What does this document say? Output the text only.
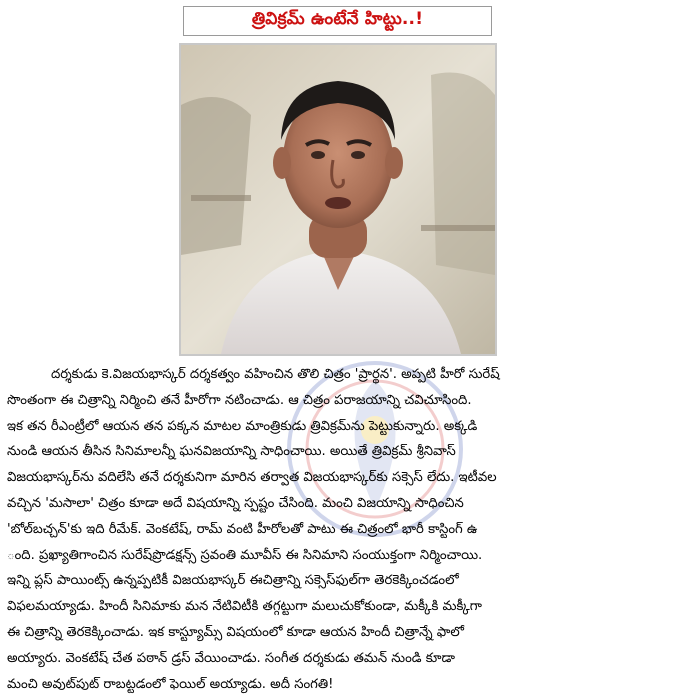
త్రివిక్రమ్ ఉంటేనే హిట్టు..!

దర్శకుడు కె.విజయభాస్కర్ దర్శకత్వం వహించిన తొలి చిత్రం 'ప్రార్థన'. అప్పటి హీరో సురేష్
సొంతంగా ఈ చిత్రాన్ని నిర్మించి తనే హీరోగా నటించాడు. ఆ చిత్రం పరాజయాన్ని చవిచూసింది.
ఇక తన రీఎంట్రీలో ఆయన తన పక్కన మాటల మాంత్రికుడు త్రివిక్రమ్‌ను పెట్టుకున్నారు. అక్కడి
నుండి ఆయన తీసిన సినిమాలన్నీ ఘనవిజయాన్ని సాధించాయి. అయితే త్రివిక్రమ్ శ్రీనివాస్
విజయభాస్కర్‌ను వదిలేసి తనే దర్శకునిగా మారిన తర్వాత విజయభాస్కర్‌కు సక్సెస్ లేదు. ఇటీవల
వచ్చిన 'మసాలా' చిత్రం కూడా అదే విషయాన్ని స్పష్టం చేసింది. మంచి విజయాన్ని సాధించిన
'బోల్‌బచ్చన్'కు ఇది రీమేక్. వెంకటేష్, రామ్ వంటి హీరోలతో పాటు ఈ చిత్రంలో భారీ కాస్టింగ్ ఉ
ంది. ప్రఖ్యాతిగాంచిన సురేష్‌ప్రొడక్షన్స్ స్రవంతి మూవీస్ ఈ సినిమాని సంయుక్తంగా నిర్మించాయి.
ఇన్ని ప్లస్ పాయింట్స్ ఉన్నప్పటికీ విజయభాస్కర్ ఈచిత్రాన్ని సక్సెస్‌ఫుల్‌గా తెరకెక్కించడంలో
విఫలమయ్యాడు. హిందీ సినిమాకు మన నేటివిటీకి తగ్గట్టుగా మలుచుకోకుండా, మక్కీకి మక్కీగా
ఈ చిత్రాన్ని తెరకెక్కించాడు. ఇక కాస్ట్యూమ్స్ విషయంలో కూడా ఆయన హిందీ చిత్రాన్నే ఫాలో
అయ్యారు. వెంకటేష్ చేత పఠాన్ డ్రస్ వేయించాడు. సంగీత దర్శకుడు తమన్ నుండి కూడా
మంచి అవుట్‌పుట్ రాబట్టడంలో ఫెయిల్ అయ్యాడు. అదీ సంగతి!
